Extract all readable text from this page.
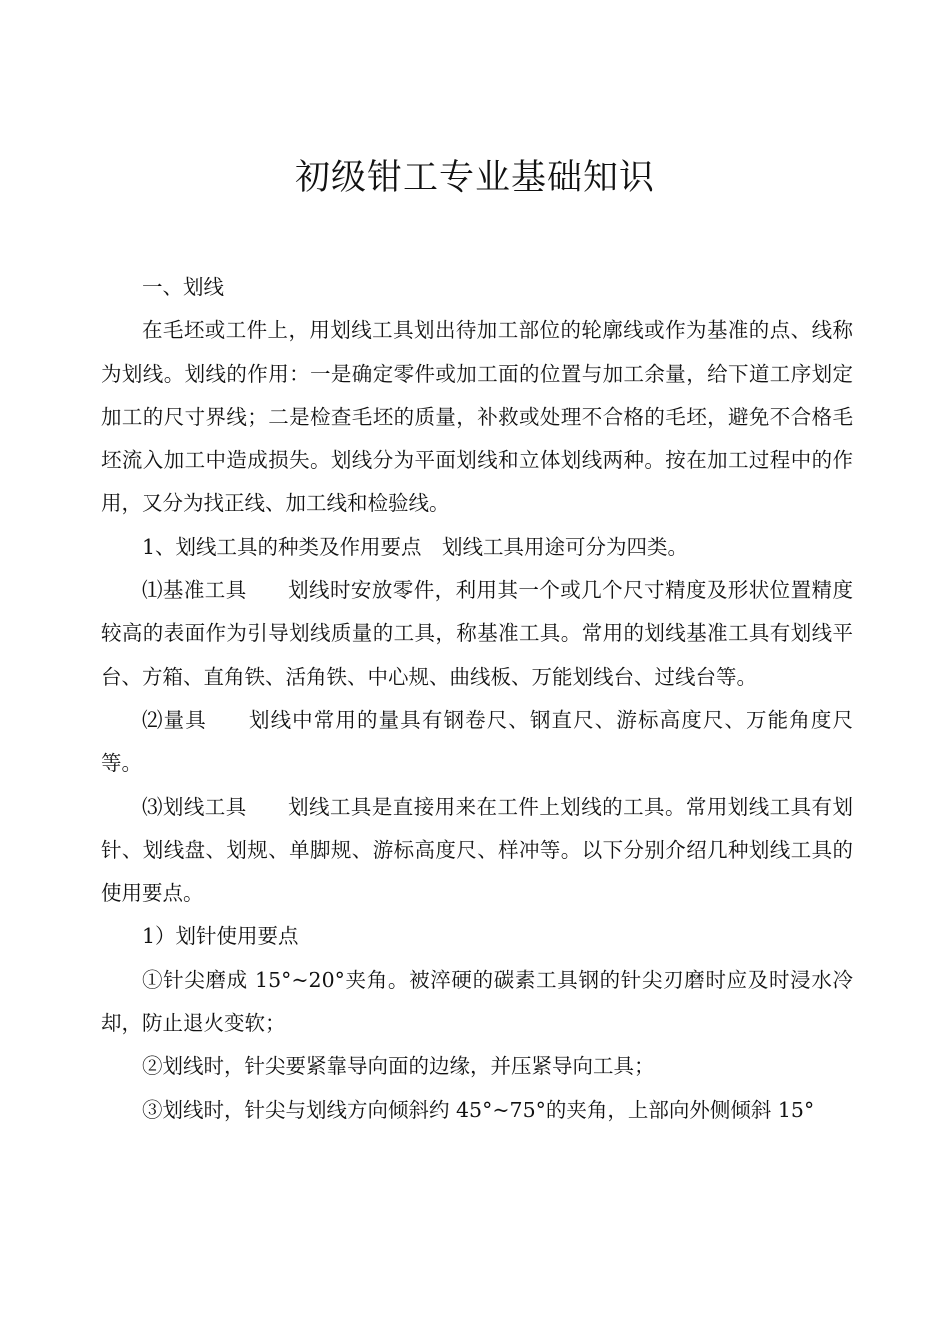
初级钳工专业基础知识

一、划线

在毛坯或工件上，用划线工具划出待加工部位的轮廓线或作为基准的点、线称为划线。划线的作用：一是确定零件或加工面的位置与加工余量，给下道工序划定加工的尺寸界线；二是检查毛坯的质量，补救或处理不合格的毛坯，避免不合格毛坯流入加工中造成损失。划线分为平面划线和立体划线两种。按在加工过程中的作用，又分为找正线、加工线和检验线。

1、划线工具的种类及作用要点 划线工具用途可分为四类。

⑴基准工具 划线时安放零件，利用其一个或几个尺寸精度及形状位置精度较高的表面作为引导划线质量的工具，称基准工具。常用的划线基准工具有划线平台、方箱、直角铁、活角铁、中心规、曲线板、万能划线台、过线台等。

⑵量具 划线中常用的量具有钢卷尺、钢直尺、游标高度尺、万能角度尺等。

⑶划线工具 划线工具是直接用来在工件上划线的工具。常用划线工具有划针、划线盘、划规、单脚规、游标高度尺、样冲等。以下分别介绍几种划线工具的使用要点。

1）划针使用要点

①针尖磨成 15°~20°夹角。被淬硬的碳素工具钢的针尖刃磨时应及时浸水冷却，防止退火变软；

②划线时，针尖要紧靠导向面的边缘，并压紧导向工具；

③划线时，针尖与划线方向倾斜约 45°~75°的夹角，上部向外侧倾斜 15°
